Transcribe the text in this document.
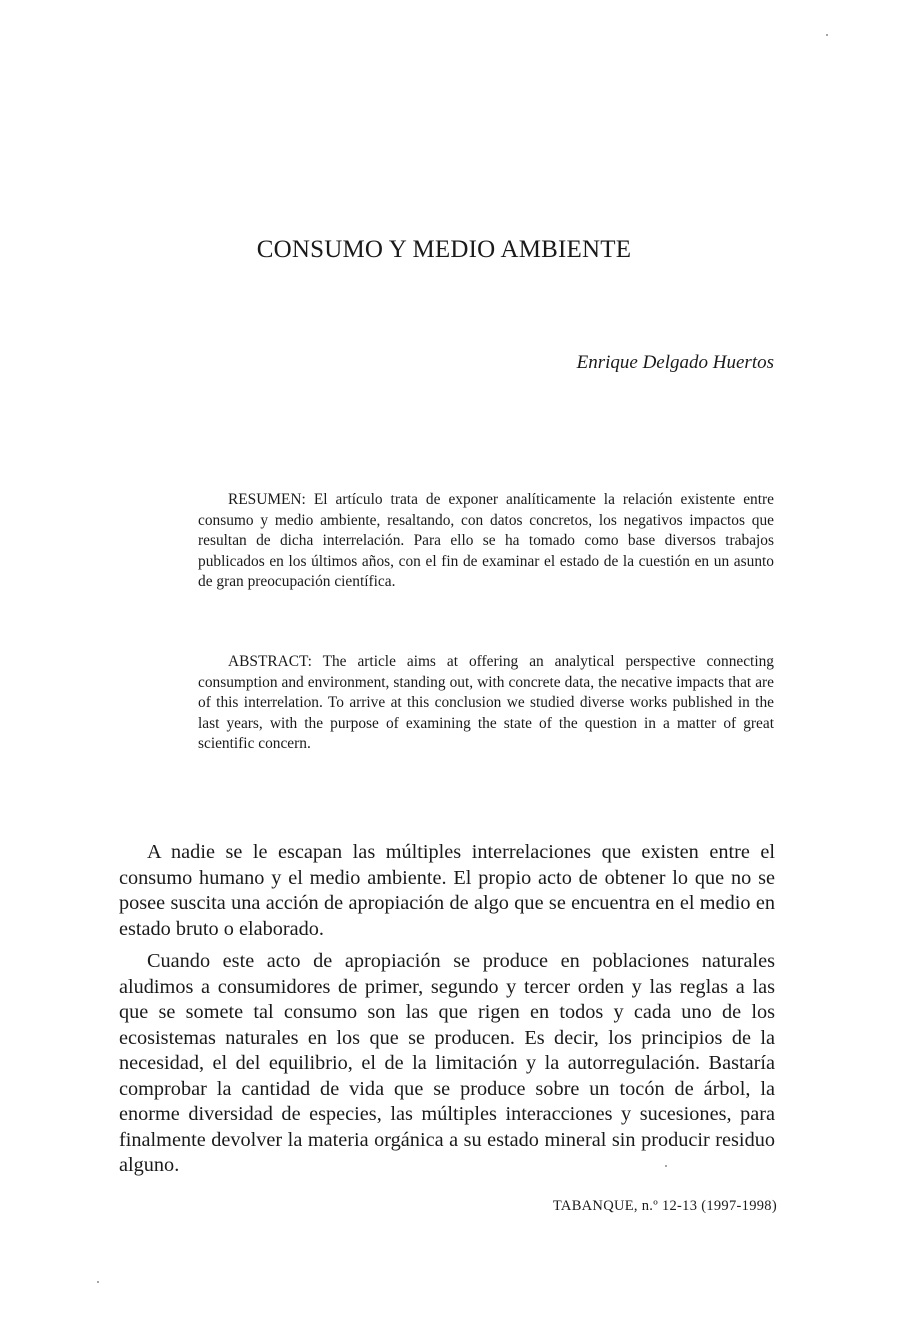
CONSUMO Y MEDIO AMBIENTE

Enrique Delgado Huertos

RESUMEN: El artículo trata de exponer analíticamente la relación existente entre consumo y medio ambiente, resaltando, con datos concretos, los negativos impactos que resultan de dicha interrelación. Para ello se ha tomado como base diversos trabajos publicados en los últimos años, con el fin de examinar el estado de la cuestión en un asunto de gran preocupación científica.
ABSTRACT: The article aims at offering an analytical perspective connecting consumption and environment, standing out, with concrete data, the necative impacts that are of this interrelation. To arrive at this conclusion we studied diverse works published in the last years, with the purpose of examining the state of the question in a matter of great scientific concern.

A nadie se le escapan las múltiples interrelaciones que existen entre el consumo humano y el medio ambiente. El propio acto de obtener lo que no se posee suscita una acción de apropiación de algo que se encuentra en el medio en estado bruto o elaborado.

Cuando este acto de apropiación se produce en poblaciones naturales aludimos a consumidores de primer, segundo y tercer orden y las reglas a las que se somete tal consumo son las que rigen en todos y cada uno de los ecosistemas naturales en los que se producen. Es decir, los principios de la necesidad, el del equilibrio, el de la limitación y la autorregulación. Bastaría comprobar la cantidad de vida que se produce sobre un tocón de árbol, la enorme diversidad de especies, las múltiples interacciones y sucesiones, para finalmente devolver la materia orgánica a su estado mineral sin producir residuo alguno.

TABANQUE, n.º 12-13 (1997-1998)
